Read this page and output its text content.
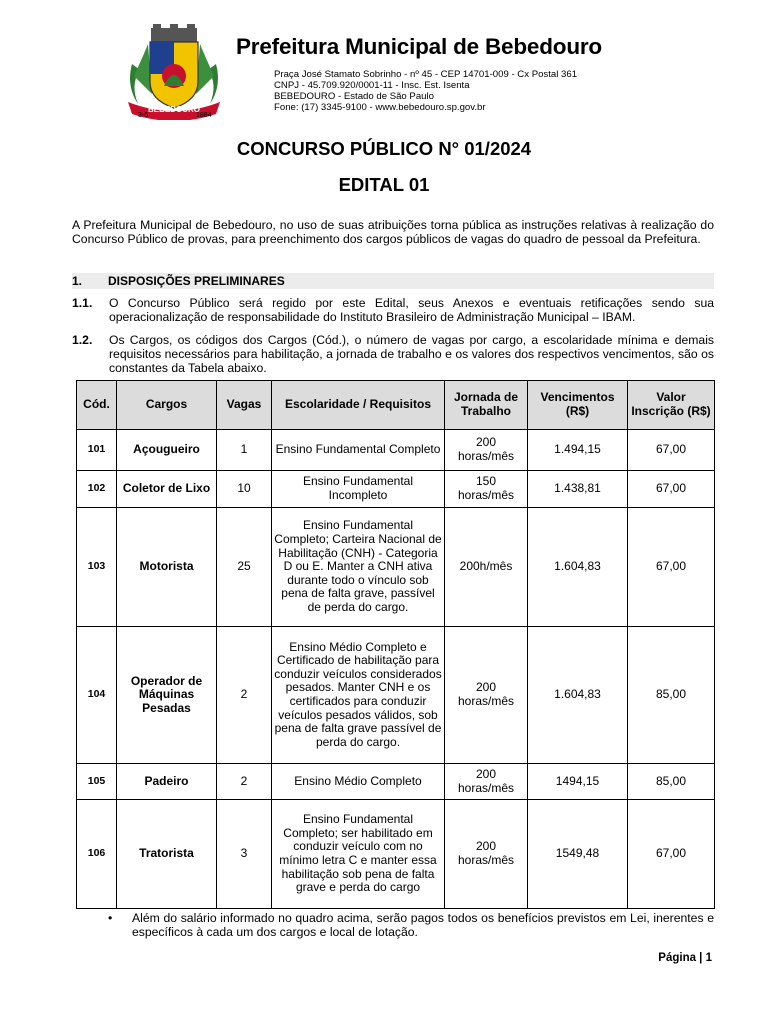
BEBEDOURO
3-5	1884
Prefeitura Municipal de Bebedouro
Praça José Stamato Sobrinho - nº 45 - CEP 14701-009 - Cx Postal 361
CNPJ - 45.709.920/0001-11 - Insc. Est. Isenta
BEBEDOURO - Estado de São Paulo
Fone: (17) 3345-9100 - www.bebedouro.sp.gov.br
CONCURSO PÚBLICO N° 01/2024
EDITAL 01
A Prefeitura Municipal de Bebedouro, no uso de suas atribuições torna pública as instruções relativas à realização do Concurso Público de provas, para preenchimento dos cargos públicos de vagas do quadro de pessoal da Prefeitura.
1. DISPOSIÇÕES PRELIMINARES
1.1. O Concurso Público será regido por este Edital, seus Anexos e eventuais retificações sendo sua operacionalização de responsabilidade do Instituto Brasileiro de Administração Municipal – IBAM.
1.2. Os Cargos, os códigos dos Cargos (Cód.), o número de vagas por cargo, a escolaridade mínima e demais requisitos necessários para habilitação, a jornada de trabalho e os valores dos respectivos vencimentos, são os constantes da Tabela abaixo.
Cód.	Cargos	Vagas	Escolaridade / Requisitos	Jornada de Trabalho	Vencimentos (R$)	Valor Inscrição (R$)
101	Açougueiro	1	Ensino Fundamental Completo	200 horas/mês	1.494,15	67,00
102	Coletor de Lixo	10	Ensino Fundamental Incompleto	150 horas/mês	1.438,81	67,00
103	Motorista	25	Ensino Fundamental Completo; Carteira Nacional de Habilitação (CNH) - Categoria D ou E. Manter a CNH ativa durante todo o vínculo sob pena de falta grave, passível de perda do cargo.	200h/mês	1.604,83	67,00
104	Operador de Máquinas Pesadas	2	Ensino Médio Completo e Certificado de habilitação para conduzir veículos considerados pesados. Manter CNH e os certificados para conduzir veículos pesados válidos, sob pena de falta grave passível de perda do cargo.	200 horas/mês	1.604,83	85,00
105	Padeiro	2	Ensino Médio Completo	200 horas/mês	1494,15	85,00
106	Tratorista	3	Ensino Fundamental Completo; ser habilitado em conduzir veículo com no mínimo letra C e manter essa habilitação sob pena de falta grave e perda do cargo	200 horas/mês	1549,48	67,00
• Além do salário informado no quadro acima, serão pagos todos os benefícios previstos em Lei, inerentes e específicos à cada um dos cargos e local de lotação.
Página | 1
